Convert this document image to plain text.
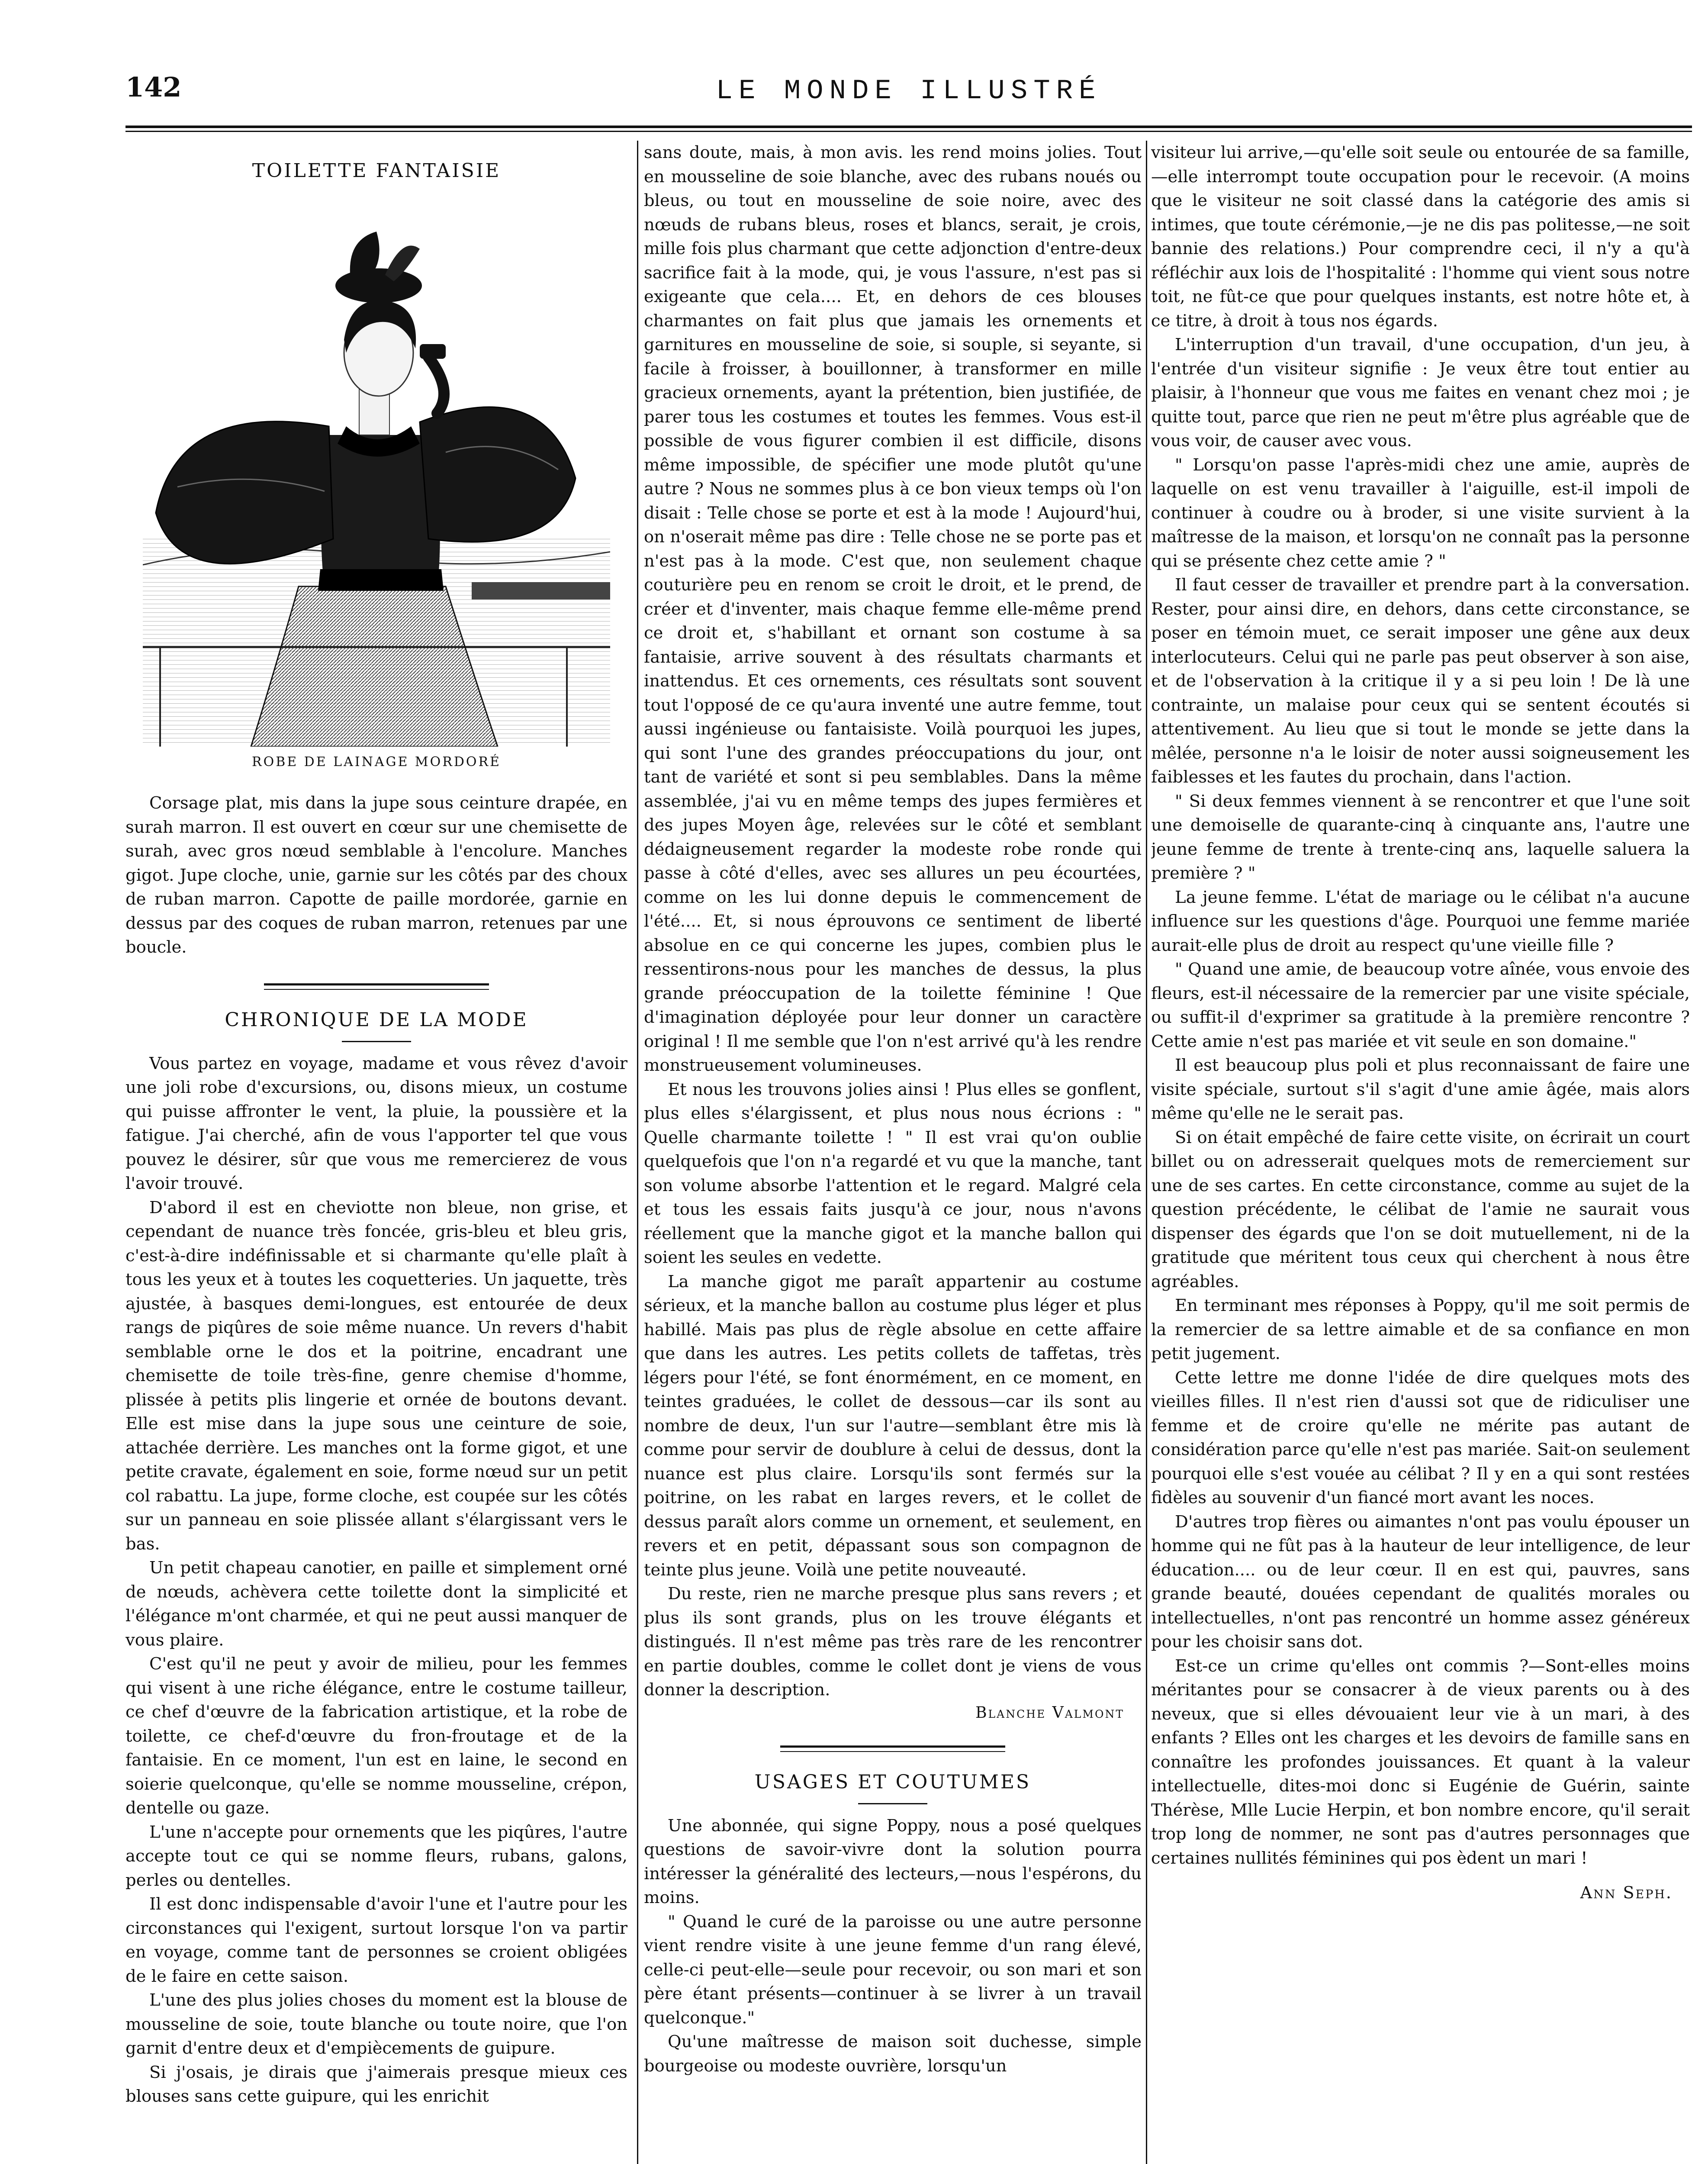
142	LE MONDE ILLUSTRÉ
TOILETTE FANTAISIE
ROBE DE LAINAGE MORDORÉ

Corsage plat, mis dans la jupe sous ceinture drapée, en surah marron. Il est ouvert en cœur sur une chemisette de surah, avec gros nœud semblable à l'encolure. Manches gigot. Jupe cloche, unie, garnie sur les côtés par des choux de ruban marron. Capotte de paille mordorée, garnie en dessus par des coques de ruban marron, retenues par une boucle.

CHRONIQUE DE LA MODE

Vous partez en voyage, madame et vous rêvez d'avoir une joli robe d'excursions, ou, disons mieux, un costume qui puisse affronter le vent, la pluie, la poussière et la fatigue. J'ai cherché, afin de vous l'apporter tel que vous pouvez le désirer, sûr que vous me remercierez de vous l'avoir trouvé.

D'abord il est en cheviotte non bleue, non grise, et cependant de nuance très foncée, gris-bleu et bleu gris, c'est-à-dire indéfinissable et si charmante qu'elle plaît à tous les yeux et à toutes les coquetteries. Un jaquette, très ajustée, à basques demi-longues, est entourée de deux rangs de piqûres de soie même nuance. Un revers d'habit semblable orne le dos et la poitrine, encadrant une chemisette de toile très-fine, genre chemise d'homme, plissée à petits plis lingerie et ornée de boutons devant. Elle est mise dans la jupe sous une ceinture de soie, attachée derrière. Les manches ont la forme gigot, et une petite cravate, également en soie, forme nœud sur un petit col rabattu. La jupe, forme cloche, est coupée sur les côtés sur un panneau en soie plissée allant s'élargissant vers le bas.

Un petit chapeau canotier, en paille et simplement orné de nœuds, achèvera cette toilette dont la simplicité et l'élégance m'ont charmée, et qui ne peut aussi manquer de vous plaire.

C'est qu'il ne peut y avoir de milieu, pour les femmes qui visent à une riche élégance, entre le costume tailleur, ce chef d'œuvre de la fabrication artistique, et la robe de toilette, ce chef-d'œuvre du fron-froutage et de la fantaisie. En ce moment, l'un est en laine, le second en soierie quelconque, qu'elle se nomme mousseline, crépon, dentelle ou gaze.

L'une n'accepte pour ornements que les piqûres, l'autre accepte tout ce qui se nomme fleurs, rubans, galons, perles ou dentelles.

Il est donc indispensable d'avoir l'une et l'autre pour les circonstances qui l'exigent, surtout lorsque l'on va partir en voyage, comme tant de personnes se croient obligées de le faire en cette saison.

L'une des plus jolies choses du moment est la blouse de mousseline de soie, toute blanche ou toute noire, que l'on garnit d'entre deux et d'empiècements de guipure.

Si j'osais, je dirais que j'aimerais presque mieux ces blouses sans cette guipure, qui les enrichit

sans doute, mais, à mon avis. les rend moins jolies. Tout en mousseline de soie blanche, avec des rubans noués ou bleus, ou tout en mousseline de soie noire, avec des nœuds de rubans bleus, roses et blancs, serait, je crois, mille fois plus charmant que cette adjonction d'entre-deux sacrifice fait à la mode, qui, je vous l'assure, n'est pas si exigeante que cela.... Et, en dehors de ces blouses charmantes on fait plus que jamais les ornements et garnitures en mousseline de soie, si souple, si seyante, si facile à froisser, à bouillonner, à transformer en mille gracieux ornements, ayant la prétention, bien justifiée, de parer tous les costumes et toutes les femmes. Vous est-il possible de vous figurer combien il est difficile, disons même impossible, de spécifier une mode plutôt qu'une autre ? Nous ne sommes plus à ce bon vieux temps où l'on disait : Telle chose se porte et est à la mode ! Aujourd'hui, on n'oserait même pas dire : Telle chose ne se porte pas et n'est pas à la mode. C'est que, non seulement chaque couturière peu en renom se croit le droit, et le prend, de créer et d'inventer, mais chaque femme elle-même prend ce droit et, s'habillant et ornant son costume à sa fantaisie, arrive souvent à des résultats charmants et inattendus. Et ces ornements, ces résultats sont souvent tout l'opposé de ce qu'aura inventé une autre femme, tout aussi ingénieuse ou fantaisiste. Voilà pourquoi les jupes, qui sont l'une des grandes préoccupations du jour, ont tant de variété et sont si peu semblables. Dans la même assemblée, j'ai vu en même temps des jupes fermières et des jupes Moyen âge, relevées sur le côté et semblant dédaigneusement regarder la modeste robe ronde qui passe à côté d'elles, avec ses allures un peu écourtées, comme on les lui donne depuis le commencement de l'été.... Et, si nous éprouvons ce sentiment de liberté absolue en ce qui concerne les jupes, combien plus le ressentirons-nous pour les manches de dessus, la plus grande préoccupation de la toilette féminine ! Que d'imagination déployée pour leur donner un caractère original ! Il me semble que l'on n'est arrivé qu'à les rendre monstrueusement volumineuses.

Et nous les trouvons jolies ainsi ! Plus elles se gonflent, plus elles s'élargissent, et plus nous nous écrions : " Quelle charmante toilette ! " Il est vrai qu'on oublie quelquefois que l'on n'a regardé et vu que la manche, tant son volume absorbe l'attention et le regard. Malgré cela et tous les essais faits jusqu'à ce jour, nous n'avons réellement que la manche gigot et la manche ballon qui soient les seules en vedette.

La manche gigot me paraît appartenir au costume sérieux, et la manche ballon au costume plus léger et plus habillé. Mais pas plus de règle absolue en cette affaire que dans les autres. Les petits collets de taffetas, très légers pour l'été, se font énormément, en ce moment, en teintes graduées, le collet de dessous—car ils sont au nombre de deux, l'un sur l'autre—semblant être mis là comme pour servir de doublure à celui de dessus, dont la nuance est plus claire. Lorsqu'ils sont fermés sur la poitrine, on les rabat en larges revers, et le collet de dessus paraît alors comme un ornement, et seulement, en revers et en petit, dépassant sous son compagnon de teinte plus jeune. Voilà une petite nouveauté.

Du reste, rien ne marche presque plus sans revers ; et plus ils sont grands, plus on les trouve élégants et distingués. Il n'est même pas très rare de les rencontrer en partie doubles, comme le collet dont je viens de vous donner la description.

Blanche Valmont
USAGES ET COUTUMES

Une abonnée, qui signe Poppy, nous a posé quelques questions de savoir-vivre dont la solution pourra intéresser la généralité des lecteurs,—nous l'espérons, du moins.

" Quand le curé de la paroisse ou une autre personne vient rendre visite à une jeune femme d'un rang élevé, celle-ci peut-elle—seule pour recevoir, ou son mari et son père étant présents—continuer à se livrer à un travail quelconque."

Qu'une maîtresse de maison soit duchesse, simple bourgeoise ou modeste ouvrière, lorsqu'un

visiteur lui arrive,—qu'elle soit seule ou entourée de sa famille,—elle interrompt toute occupation pour le recevoir. (A moins que le visiteur ne soit classé dans la catégorie des amis si intimes, que toute cérémonie,—je ne dis pas politesse,—ne soit bannie des relations.) Pour comprendre ceci, il n'y a qu'à réfléchir aux lois de l'hospitalité : l'homme qui vient sous notre toit, ne fût-ce que pour quelques instants, est notre hôte et, à ce titre, à droit à tous nos égards.

L'interruption d'un travail, d'une occupation, d'un jeu, à l'entrée d'un visiteur signifie : Je veux être tout entier au plaisir, à l'honneur que vous me faites en venant chez moi ; je quitte tout, parce que rien ne peut m'être plus agréable que de vous voir, de causer avec vous.

" Lorsqu'on passe l'après-midi chez une amie, auprès de laquelle on est venu travailler à l'aiguille, est-il impoli de continuer à coudre ou à broder, si une visite survient à la maîtresse de la maison, et lorsqu'on ne connaît pas la personne qui se présente chez cette amie ? "

Il faut cesser de travailler et prendre part à la conversation. Rester, pour ainsi dire, en dehors, dans cette circonstance, se poser en témoin muet, ce serait imposer une gêne aux deux interlocuteurs. Celui qui ne parle pas peut observer à son aise, et de l'observation à la critique il y a si peu loin ! De là une contrainte, un malaise pour ceux qui se sentent écoutés si attentivement. Au lieu que si tout le monde se jette dans la mêlée, personne n'a le loisir de noter aussi soigneusement les faiblesses et les fautes du prochain, dans l'action.

" Si deux femmes viennent à se rencontrer et que l'une soit une demoiselle de quarante-cinq à cinquante ans, l'autre une jeune femme de trente à trente-cinq ans, laquelle saluera la première ? "

La jeune femme. L'état de mariage ou le célibat n'a aucune influence sur les questions d'âge. Pourquoi une femme mariée aurait-elle plus de droit au respect qu'une vieille fille ?

" Quand une amie, de beaucoup votre aînée, vous envoie des fleurs, est-il nécessaire de la remercier par une visite spéciale, ou suffit-il d'exprimer sa gratitude à la première rencontre ? Cette amie n'est pas mariée et vit seule en son domaine."

Il est beaucoup plus poli et plus reconnaissant de faire une visite spéciale, surtout s'il s'agit d'une amie âgée, mais alors même qu'elle ne le serait pas.

Si on était empêché de faire cette visite, on écrirait un court billet ou on adresserait quelques mots de remerciement sur une de ses cartes. En cette circonstance, comme au sujet de la question précédente, le célibat de l'amie ne saurait vous dispenser des égards que l'on se doit mutuellement, ni de la gratitude que méritent tous ceux qui cherchent à nous être agréables.

En terminant mes réponses à Poppy, qu'il me soit permis de la remercier de sa lettre aimable et de sa confiance en mon petit jugement.

Cette lettre me donne l'idée de dire quelques mots des vieilles filles. Il n'est rien d'aussi sot que de ridiculiser une femme et de croire qu'elle ne mérite pas autant de considération parce qu'elle n'est pas mariée. Sait-on seulement pourquoi elle s'est vouée au célibat ? Il y en a qui sont restées fidèles au souvenir d'un fiancé mort avant les noces.

D'autres trop fières ou aimantes n'ont pas voulu épouser un homme qui ne fût pas à la hauteur de leur intelligence, de leur éducation.... ou de leur cœur. Il en est qui, pauvres, sans grande beauté, douées cependant de qualités morales ou intellectuelles, n'ont pas rencontré un homme assez généreux pour les choisir sans dot.

Est-ce un crime qu'elles ont commis ?—Sont-elles moins méritantes pour se consacrer à de vieux parents ou à des neveux, que si elles dévouaient leur vie à un mari, à des enfants ? Elles ont les charges et les devoirs de famille sans en connaître les profondes jouissances. Et quant à la valeur intellectuelle, dites-moi donc si Eugénie de Guérin, sainte Thérèse, Mlle Lucie Herpin, et bon nombre encore, qu'il serait trop long de nommer, ne sont pas d'autres personnages que certaines nullités féminines qui pos èdent un mari !

Ann Seph.
